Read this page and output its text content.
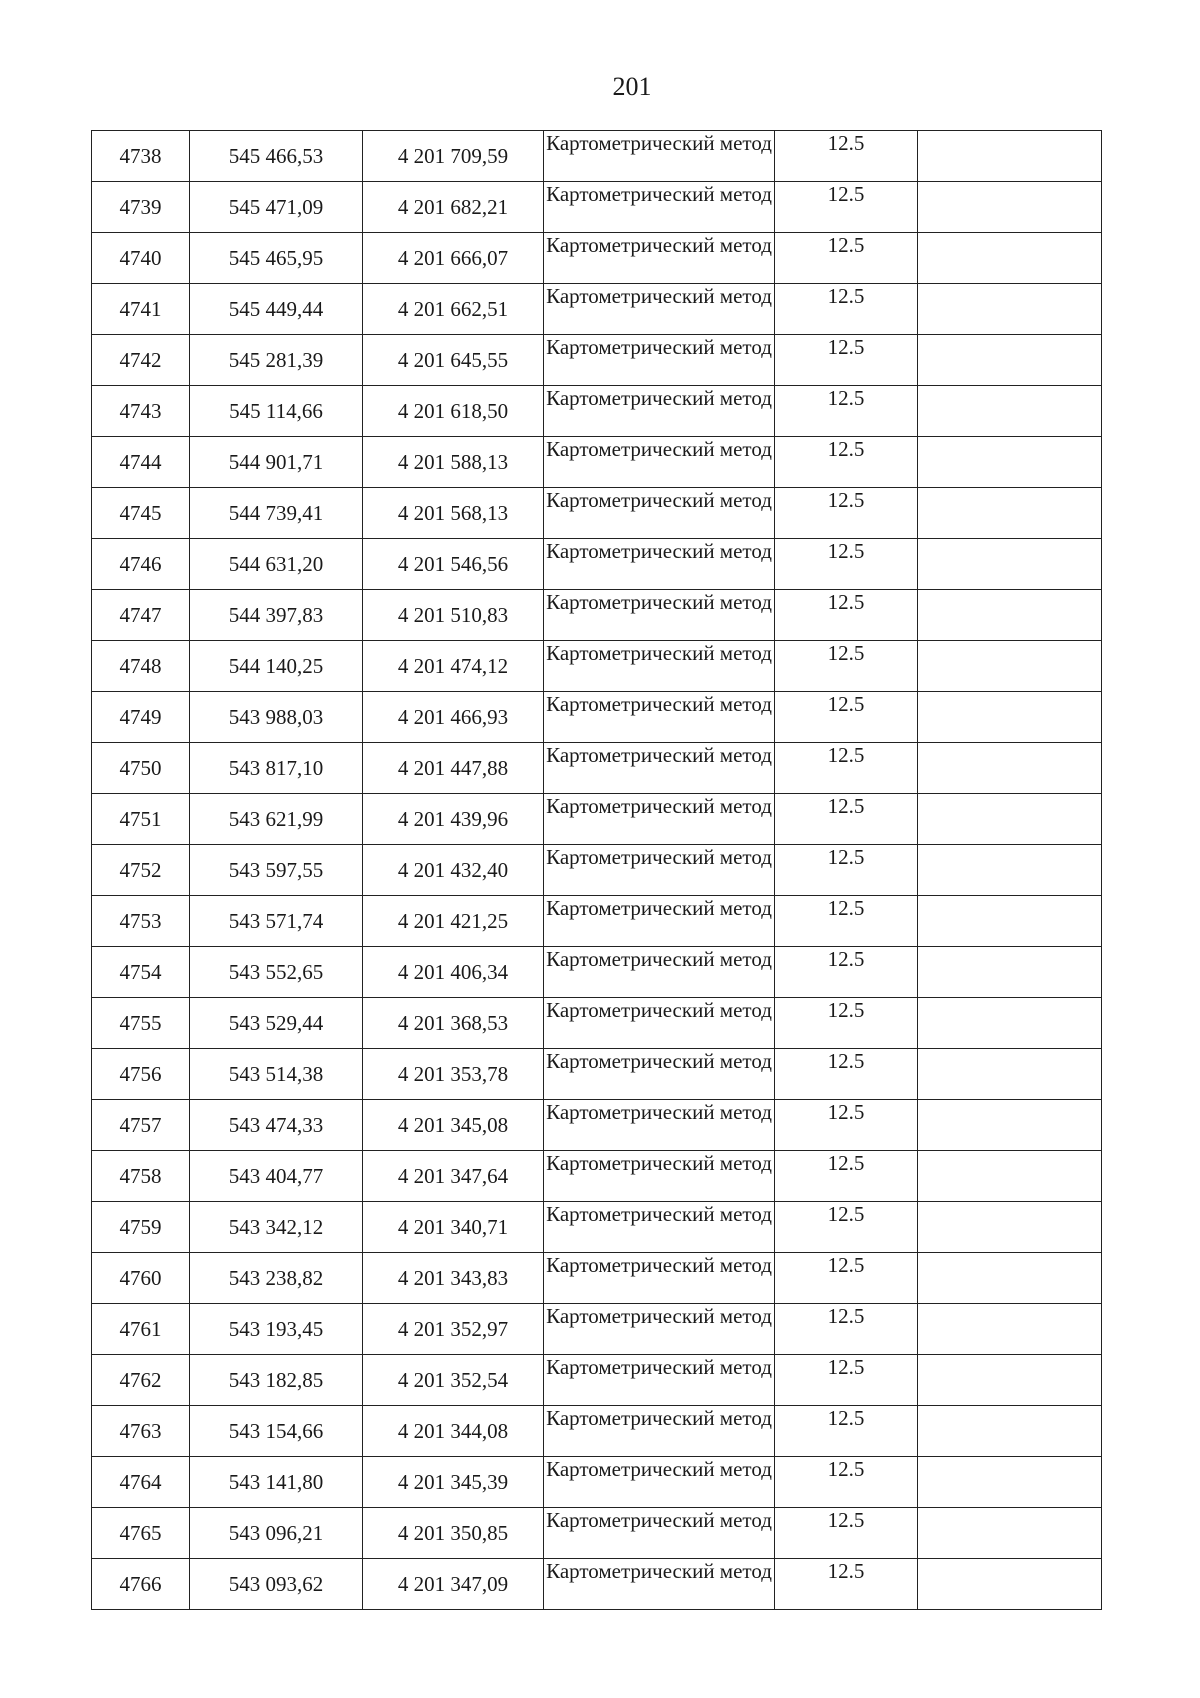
201
4738	545 466,53	4 201 709,59	Картометрический метод	12.5	
4739	545 471,09	4 201 682,21	Картометрический метод	12.5	
4740	545 465,95	4 201 666,07	Картометрический метод	12.5	
4741	545 449,44	4 201 662,51	Картометрический метод	12.5	
4742	545 281,39	4 201 645,55	Картометрический метод	12.5	
4743	545 114,66	4 201 618,50	Картометрический метод	12.5	
4744	544 901,71	4 201 588,13	Картометрический метод	12.5	
4745	544 739,41	4 201 568,13	Картометрический метод	12.5	
4746	544 631,20	4 201 546,56	Картометрический метод	12.5	
4747	544 397,83	4 201 510,83	Картометрический метод	12.5	
4748	544 140,25	4 201 474,12	Картометрический метод	12.5	
4749	543 988,03	4 201 466,93	Картометрический метод	12.5	
4750	543 817,10	4 201 447,88	Картометрический метод	12.5	
4751	543 621,99	4 201 439,96	Картометрический метод	12.5	
4752	543 597,55	4 201 432,40	Картометрический метод	12.5	
4753	543 571,74	4 201 421,25	Картометрический метод	12.5	
4754	543 552,65	4 201 406,34	Картометрический метод	12.5	
4755	543 529,44	4 201 368,53	Картометрический метод	12.5	
4756	543 514,38	4 201 353,78	Картометрический метод	12.5	
4757	543 474,33	4 201 345,08	Картометрический метод	12.5	
4758	543 404,77	4 201 347,64	Картометрический метод	12.5	
4759	543 342,12	4 201 340,71	Картометрический метод	12.5	
4760	543 238,82	4 201 343,83	Картометрический метод	12.5	
4761	543 193,45	4 201 352,97	Картометрический метод	12.5	
4762	543 182,85	4 201 352,54	Картометрический метод	12.5	
4763	543 154,66	4 201 344,08	Картометрический метод	12.5	
4764	543 141,80	4 201 345,39	Картометрический метод	12.5	
4765	543 096,21	4 201 350,85	Картометрический метод	12.5	
4766	543 093,62	4 201 347,09	Картометрический метод	12.5	
